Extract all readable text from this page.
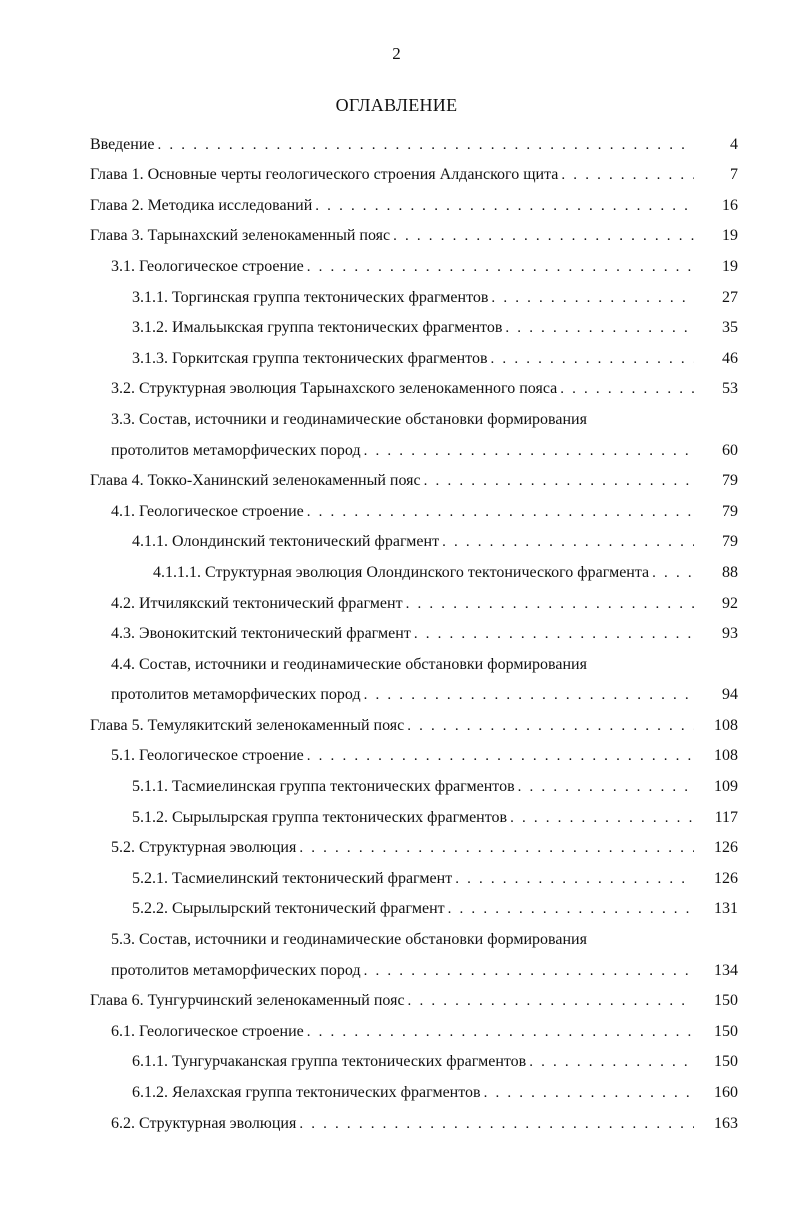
2
ОГЛАВЛЕНИЕ
Введение . . .	4
Глава 1. Основные черты геологического строения Алданского щита . . .	7
Глава 2. Методика исследований . . .	16
Глава 3. Тарынахский зеленокаменный пояс . . .	19
3.1. Геологическое строение . . .	19
3.1.1. Торгинская группа тектонических фрагментов . . .	27
3.1.2. Имальыкская группа тектонических фрагментов . . .	35
3.1.3. Горкитская группа тектонических фрагментов . . .	46
3.2. Структурная эволюция Тарынахского зеленокаменного пояса . . .	53
3.3. Состав, источники и геодинамические обстановки формирования
протолитов метаморфических пород . . .	60
Глава 4. Токко-Ханинский зеленокаменный пояс . . .	79
4.1. Геологическое строение . . .	79
4.1.1. Олондинский тектонический фрагмент . . .	79
4.1.1.1. Структурная эволюция Олондинского тектонического фрагмента . . .	88
4.2. Итчилякский тектонический фрагмент . . .	92
4.3. Эвонокитский тектонический фрагмент . . .	93
4.4. Состав, источники и геодинамические обстановки формирования
протолитов метаморфических пород . . .	94
Глава 5. Темулякитский зеленокаменный пояс . . .	108
5.1. Геологическое строение . . .	108
5.1.1. Тасмиелинская группа тектонических фрагментов . . .	109
5.1.2. Сырылырская группа тектонических фрагментов . . .	117
5.2. Структурная эволюция . . .	126
5.2.1. Тасмиелинский тектонический фрагмент . . .	126
5.2.2. Сырылырский тектонический фрагмент . . .	131
5.3. Состав, источники и геодинамические обстановки формирования
протолитов метаморфических пород . . .	134
Глава 6. Тунгурчинский зеленокаменный пояс . . .	150
6.1. Геологическое строение . . .	150
6.1.1. Тунгурчаканская группа тектонических фрагментов . . .	150
6.1.2. Яелахская группа тектонических фрагментов . . .	160
6.2. Структурная эволюция . . .	163
